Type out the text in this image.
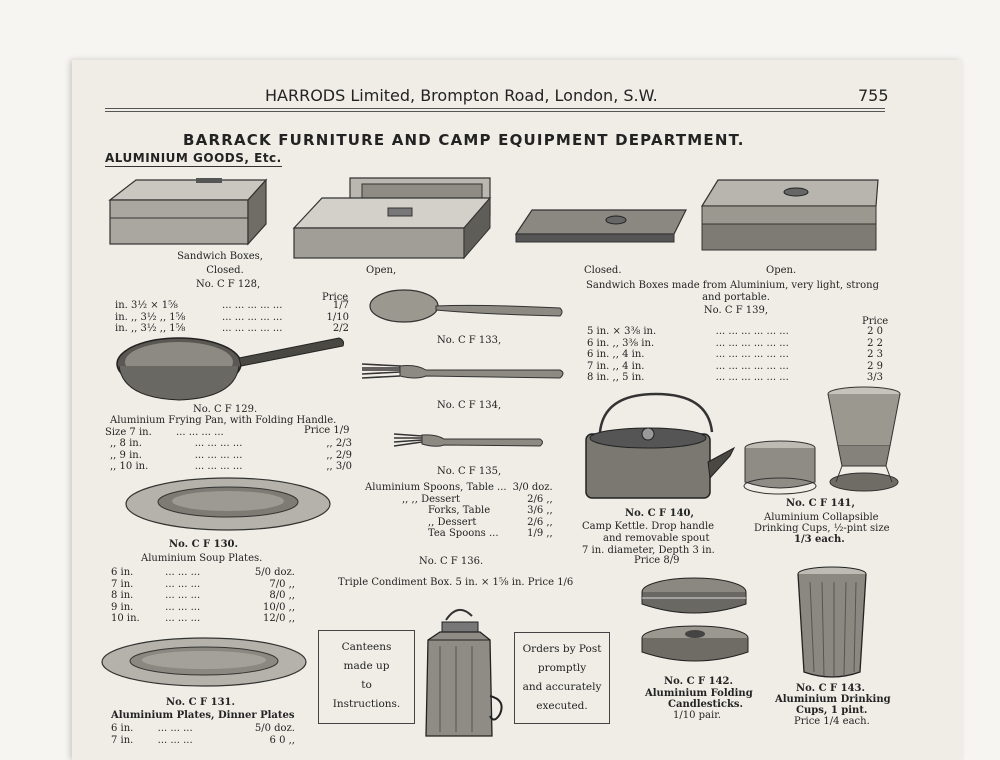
HARRODS Limited, Brompton Road, London, S.W.	755
BARRACK FURNITURE AND CAMP EQUIPMENT DEPARTMENT.
ALUMINIUM GOODS, Etc.
Sandwich Boxes,
Closed.	Open,
No. C F 128,
Price
in. 3½ × 1⅝	... ... ... ... ...	1/7
in. ,, 3½ ,, 1⅝	... ... ... ... ...	1/10
in. ,, 3½ ,, 1⅝	... ... ... ... ...	2/2
Closed.	Open.
Sandwich Boxes made from Aluminium, very light, strong
and portable.
No. C F 139,
Price
5 in. × 3⅜ in.	... ... ... ... ... ...	2 0
6 in. ,, 3⅜ in.	... ... ... ... ... ...	2 2
6 in. ,, 4 in.	... ... ... ... ... ...	2 3
7 in. ,, 4 in.	... ... ... ... ... ...	2 9
8 in. ,, 5 in.	... ... ... ... ... ...	3/3
No. C F 133,
No. C F 134,
No. C F 135,
Aluminium Spoons, Table ...	3/0 doz.
,, ,, Dessert	2/6 ,,
Forks, Table	3/6 ,,
,, Dessert	2/6 ,,
Tea Spoons ...	1/9 ,,
No. C F 129.
Aluminium Frying Pan, with Folding Handle.
Size 7 in. ... ... ... ...	Price 1/9
,, 8 in.	... ... ... ...	,, 2/3
,, 9 in.	... ... ... ...	,, 2/9
,, 10 in.	... ... ... ...	,, 3/0
No. C F 130.
Aluminium Soup Plates.
6 in.	... ... ...	5/0 doz.
7 in.	... ... ...	7/0 ,,
8 in.	... ... ...	8/0 ,,
9 in.	... ... ...	10/0 ,,
10 in.	... ... ...	12/0 ,,
No. C F 136.
Triple Condiment Box. 5 in. × 1⅝ in. Price 1/6
No. C F 140,
Camp Kettle. Drop handle
and removable spout
7 in. diameter, Depth 3 in.
Price 8/9
No. C F 141,
Aluminium Collapsible
Drinking Cups, ½-pint size
1/3 each.
Canteens
made up
to
Instructions.
Orders by Post
promptly
and accurately
executed.
No. C F 142.
Aluminium Folding
Candlesticks.
1/10 pair.
No. C F 143.
Aluminium Drinking
Cups, 1 pint.
Price 1/4 each.
No. C F 131.
Aluminium Plates, Dinner Plates
6 in.	... ... ...	5/0 doz.
7 in.	... ... ...	6 0 ,,
